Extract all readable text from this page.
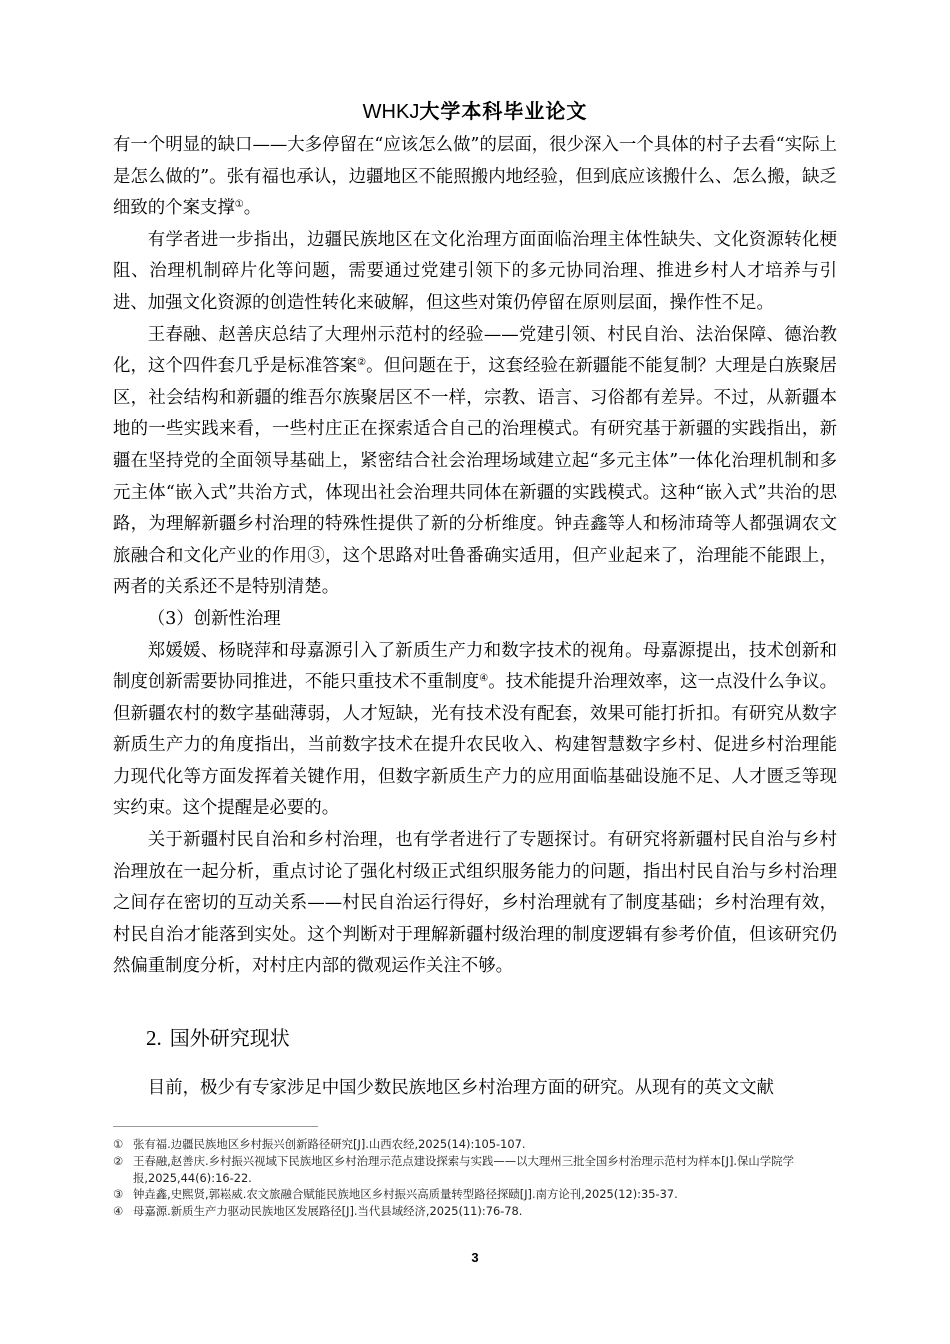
WHKJ大学本科毕业论文

有一个明显的缺口——大多停留在“应该怎么做”的层面，很少深入一个具体的村子去看“实际上是怎么做的”。张有福也承认，边疆地区不能照搬内地经验，但到底应该搬什么、怎么搬，缺乏细致的个案支撑①。

有学者进一步指出，边疆民族地区在文化治理方面面临治理主体性缺失、文化资源转化梗阻、治理机制碎片化等问题，需要通过党建引领下的多元协同治理、推进乡村人才培养与引进、加强文化资源的创造性转化来破解，但这些对策仍停留在原则层面，操作性不足。

王春融、赵善庆总结了大理州示范村的经验——党建引领、村民自治、法治保障、德治教化，这个四件套几乎是标准答案②。但问题在于，这套经验在新疆能不能复制？大理是白族聚居区，社会结构和新疆的维吾尔族聚居区不一样，宗教、语言、习俗都有差异。不过，从新疆本地的一些实践来看，一些村庄正在探索适合自己的治理模式。有研究基于新疆的实践指出，新疆在坚持党的全面领导基础上，紧密结合社会治理场域建立起“多元主体”一体化治理机制和多元主体“嵌入式”共治方式，体现出社会治理共同体在新疆的实践模式。这种“嵌入式”共治的思路，为理解新疆乡村治理的特殊性提供了新的分析维度。钟垚鑫等人和杨沛琦等人都强调农文旅融合和文化产业的作用③，这个思路对吐鲁番确实适用，但产业起来了，治理能不能跟上，两者的关系还不是特别清楚。

（3）创新性治理

郑媛媛、杨晓萍和母嘉源引入了新质生产力和数字技术的视角。母嘉源提出，技术创新和制度创新需要协同推进，不能只重技术不重制度④。技术能提升治理效率，这一点没什么争议。但新疆农村的数字基础薄弱，人才短缺，光有技术没有配套，效果可能打折扣。有研究从数字新质生产力的角度指出，当前数字技术在提升农民收入、构建智慧数字乡村、促进乡村治理能力现代化等方面发挥着关键作用，但数字新质生产力的应用面临基础设施不足、人才匮乏等现实约束。这个提醒是必要的。

关于新疆村民自治和乡村治理，也有学者进行了专题探讨。有研究将新疆村民自治与乡村治理放在一起分析，重点讨论了强化村级正式组织服务能力的问题，指出村民自治与乡村治理之间存在密切的互动关系——村民自治运行得好，乡村治理就有了制度基础；乡村治理有效，村民自治才能落到实处。这个判断对于理解新疆村级治理的制度逻辑有参考价值，但该研究仍然偏重制度分析，对村庄内部的微观运作关注不够。

2. 国外研究现状
目前，极少有专家涉足中国少数民族地区乡村治理方面的研究。从现有的英文文献
① 张有福.边疆民族地区乡村振兴创新路径研究[J].山西农经,2025(14):105-107.
② 王春融,赵善庆.乡村振兴视域下民族地区乡村治理示范点建设探索与实践——以大理州三批全国乡村治理示范村为样本[J].保山学院学报,2025,44(6):16-22.
③ 钟垚鑫,史熙贤,郭崧威.农文旅融合赋能民族地区乡村振兴高质量转型路径探赜[J].南方论刊,2025(12):35-37.
④ 母嘉源.新质生产力驱动民族地区发展路径[J].当代县域经济,2025(11):76-78.
3
